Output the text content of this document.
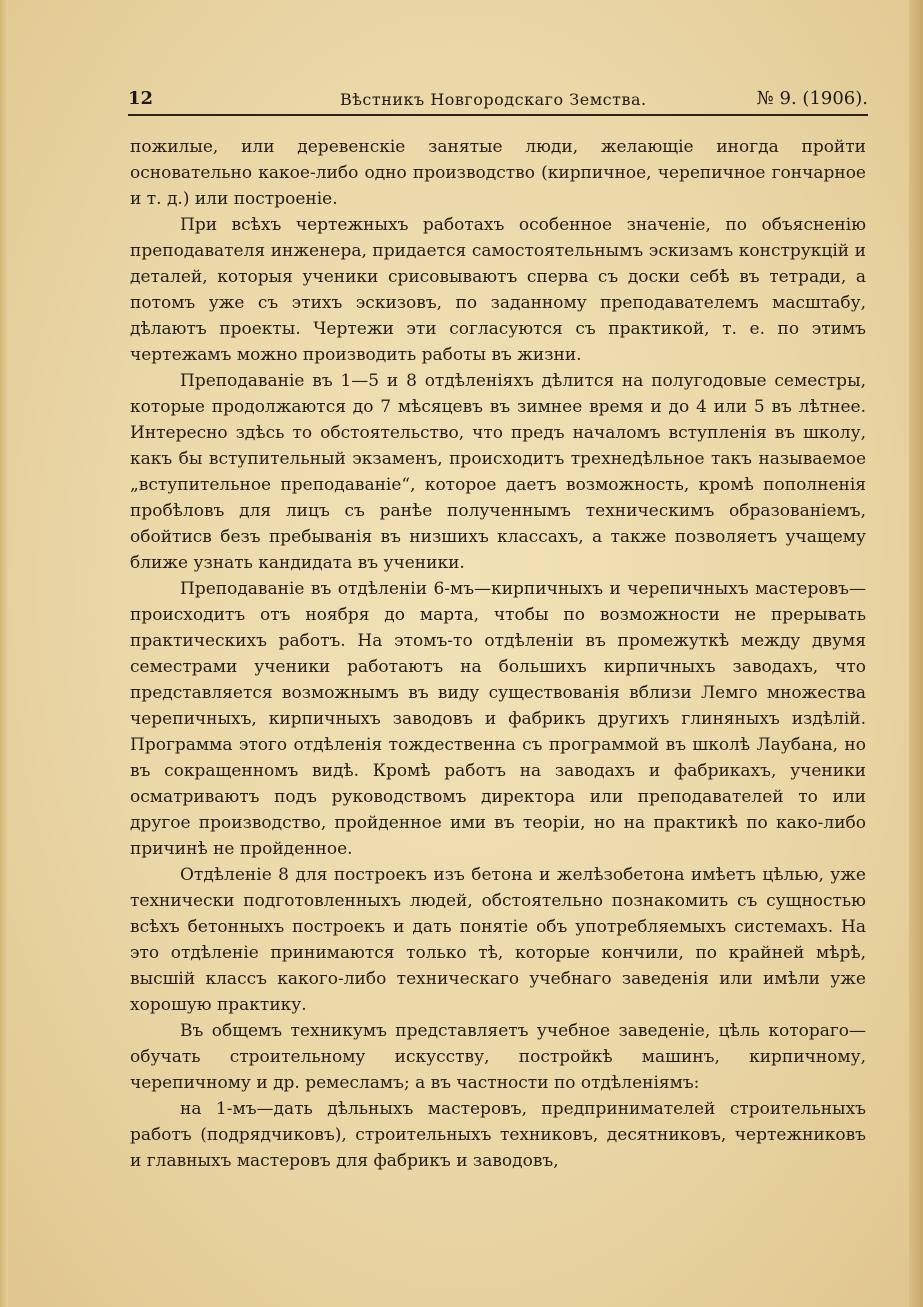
12	Вѣстникъ Новгородскаго Земства.	№ 9. (1906).

пожилые, или деревенскіе занятые люди, желающіе иногда пройти основательно какое-либо одно производство (кирпичное, черепичное гончарное и т. д.) или построеніе.

При всѣхъ чертежныхъ работахъ особенное значеніе, по объясненію преподавателя инженера, придается самостоятельнымъ эскизамъ конструкцій и деталей, которыя ученики срисовываютъ сперва съ доски себѣ въ тетради, а потомъ уже съ этихъ эскизовъ, по заданному преподавателемъ масштабу, дѣлаютъ проекты. Чертежи эти согласуются съ практикой, т. е. по этимъ чертежамъ можно производить работы въ жизни.

Преподаваніе въ 1—5 и 8 отдѣленіяхъ дѣлится на полугодовые семестры, которые продолжаются до 7 мѣсяцевъ въ зимнее время и до 4 или 5 въ лѣтнее. Интересно здѣсь то обстоятельство, что предъ началомъ вступленія въ школу, какъ бы вступительный экзаменъ, происходитъ трехнедѣльное такъ называемое „вступительное преподаваніе“, которое даетъ возможность, кромѣ пополненія пробѣловъ для лицъ съ ранѣе полученнымъ техническимъ образованіемъ, обойтисв безъ пребыванія въ низшихъ классахъ, а также позволяетъ учащему ближе узнать кандидата въ ученики.

Преподаваніе въ отдѣленіи 6-мъ—кирпичныхъ и черепичныхъ мастеровъ—происходитъ отъ ноября до марта, чтобы по возможности не прерывать практическихъ работъ. На этомъ-то отдѣленіи въ промежуткѣ между двумя семестрами ученики работаютъ на большихъ кирпичныхъ заводахъ, что представляется возможнымъ въ виду существованія вблизи Лемго множества черепичныхъ, кирпичныхъ заводовъ и фабрикъ другихъ глиняныхъ издѣлій. Программа этого отдѣленія тождественна съ программой въ школѣ Лаубана, но въ сокращенномъ видѣ. Кромѣ работъ на заводахъ и фабрикахъ, ученики осматриваютъ подъ руководствомъ директора или преподавателей то или другое производство, пройденное ими въ теоріи, но на практикѣ по како-либо причинѣ не пройденное.

Отдѣленіе 8 для построекъ изъ бетона и желѣзобетона имѣетъ цѣлью, уже технически подготовленныхъ людей, обстоятельно познакомить съ сущностью всѣхъ бетонныхъ построекъ и дать понятіе объ употребляемыхъ системахъ. На это отдѣленіе принимаются только тѣ, которые кончили, по крайней мѣрѣ, высшій классъ какого-либо техническаго учебнаго заведенія или имѣли уже хорошую практику.

Въ общемъ техникумъ представляетъ учебное заведеніе, цѣль котораго—обучать строительному искусству, постройкѣ машинъ, кирпичному, черепичному и др. ремесламъ; а въ частности по отдѣленіямъ:

на 1-мъ—дать дѣльныхъ мастеровъ, предпринимателей строительныхъ работъ (подрядчиковъ), строительныхъ техниковъ, десятниковъ, чертежниковъ и главныхъ мастеровъ для фабрикъ и заводовъ,
